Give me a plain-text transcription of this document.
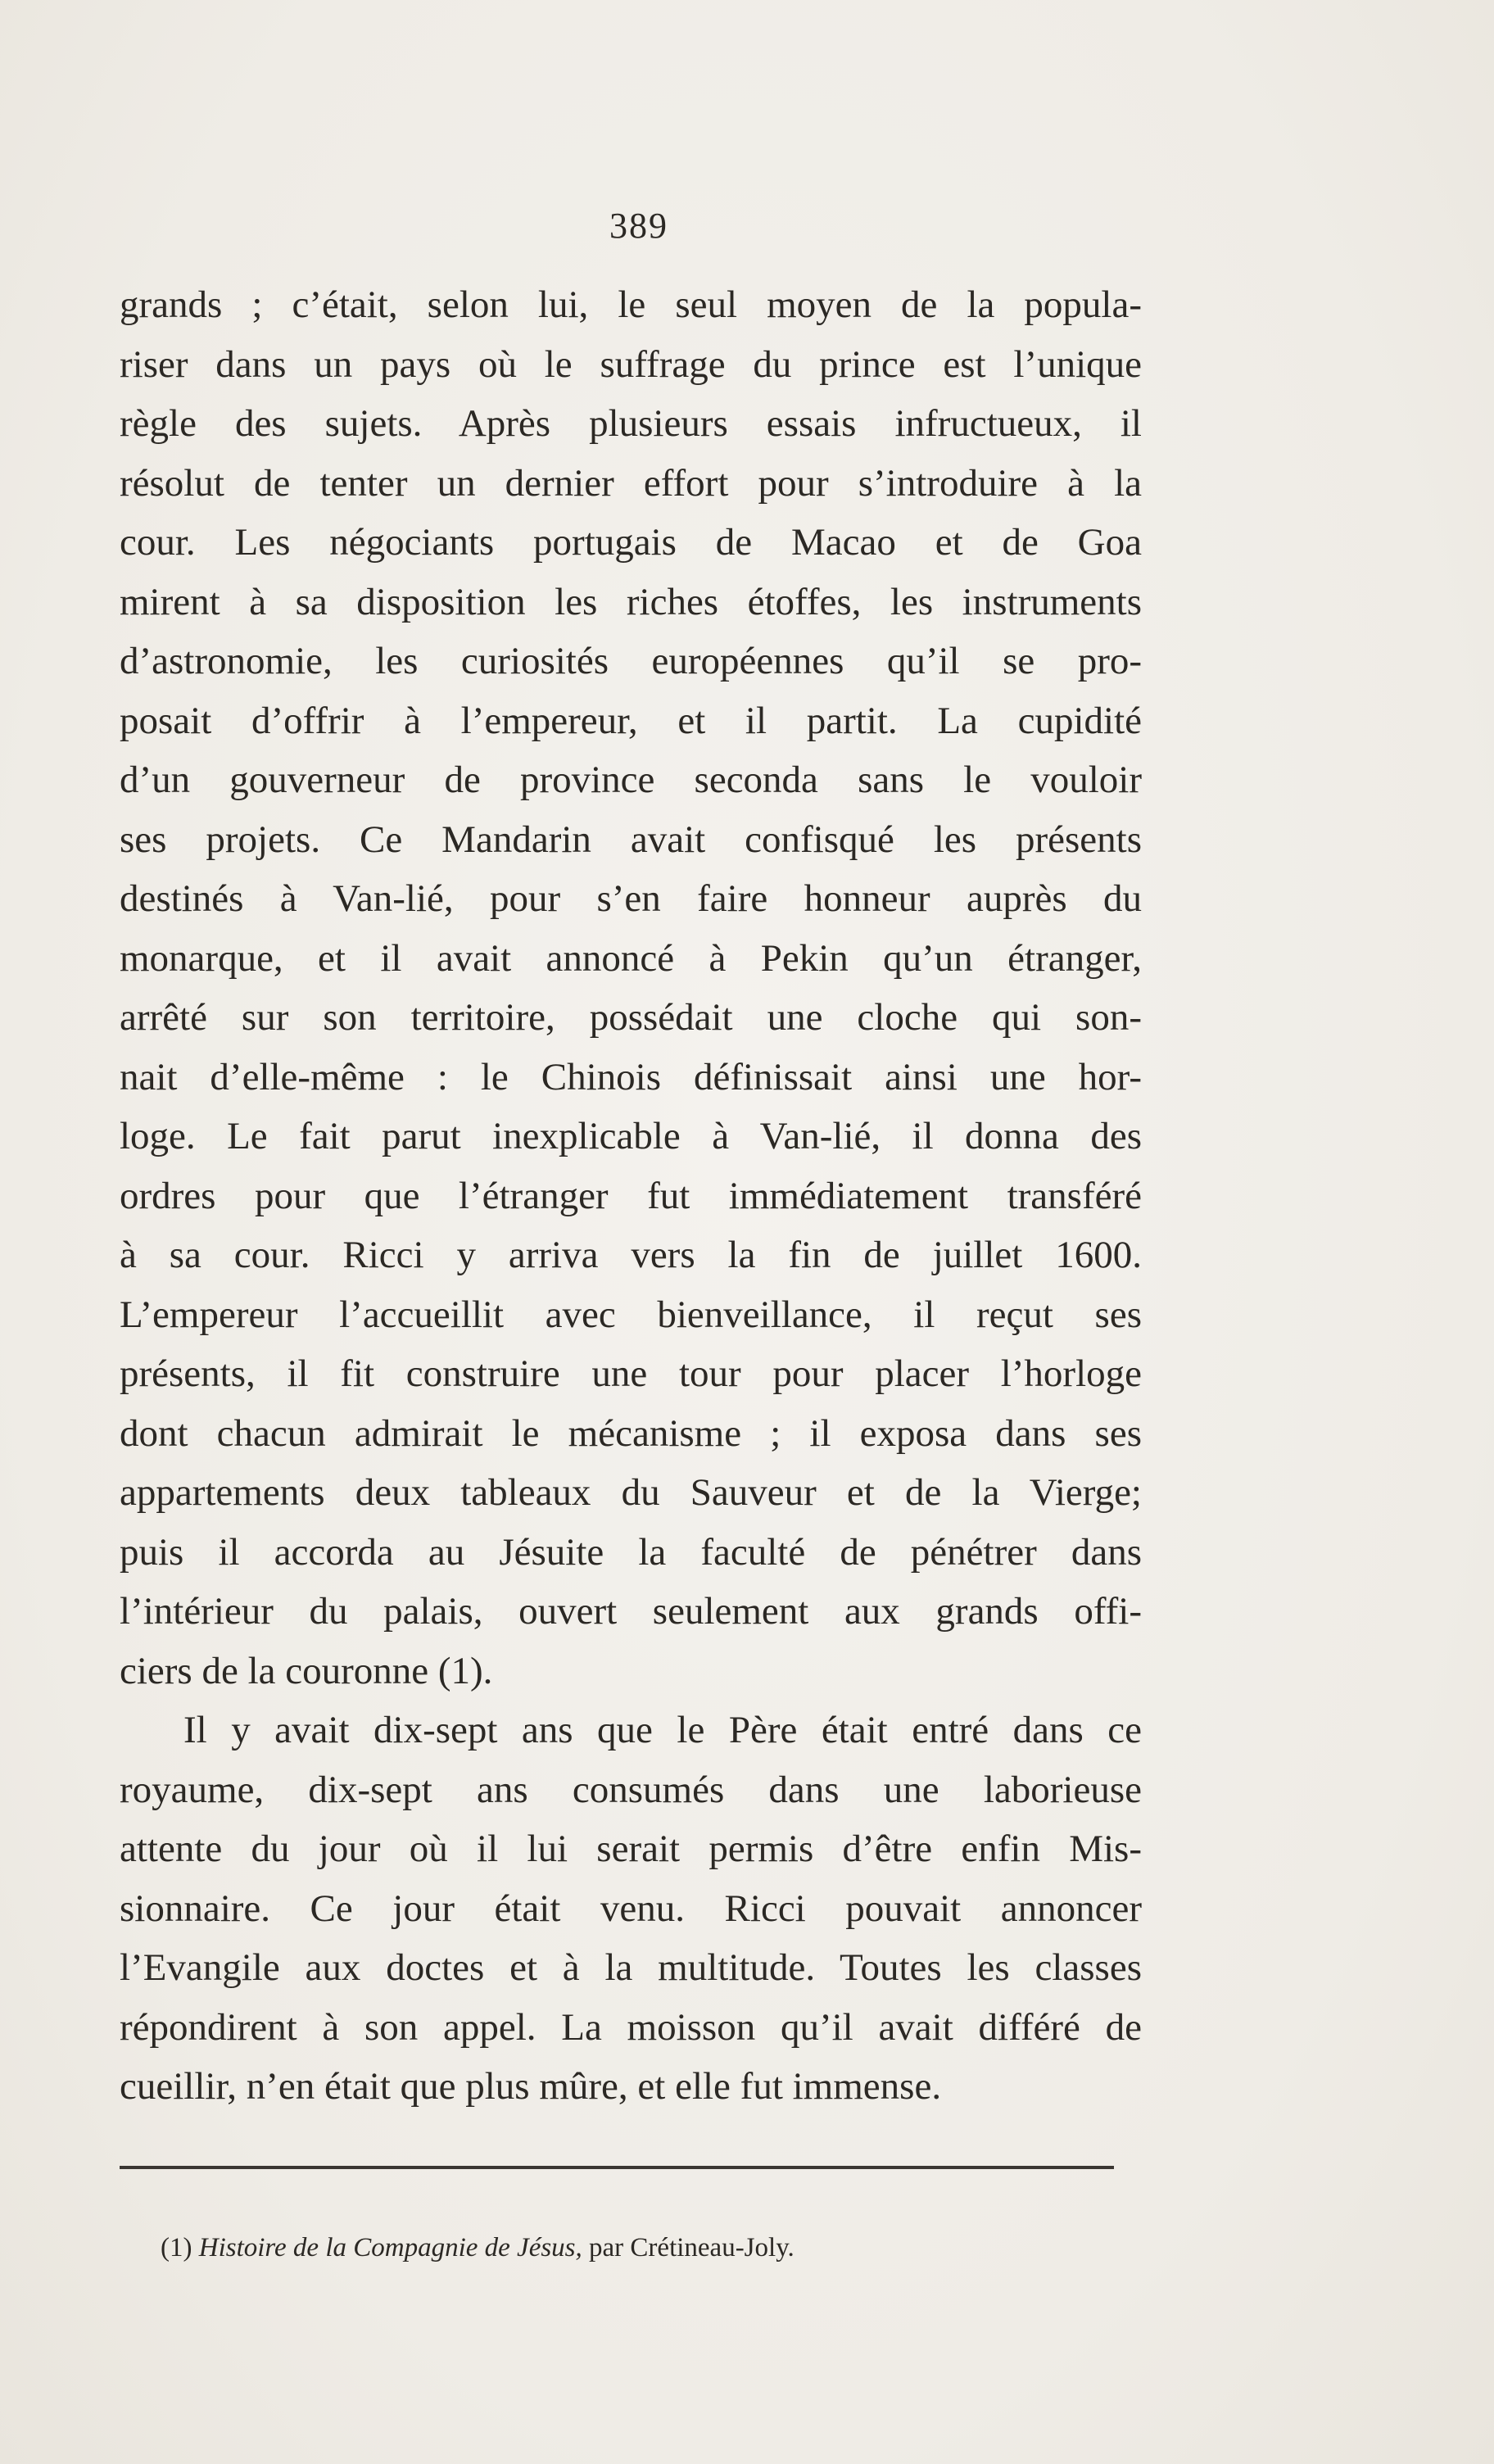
389
grands ; c’était, selon lui, le seul moyen de la popula-
riser dans un pays où le suffrage du prince est l’unique
règle des sujets. Après plusieurs essais infructueux, il
résolut de tenter un dernier effort pour s’introduire à la
cour. Les négociants portugais de Macao et de Goa
mirent à sa disposition les riches étoffes, les instruments
d’astronomie, les curiosités européennes qu’il se pro-
posait d’offrir à l’empereur, et il partit. La cupidité
d’un gouverneur de province seconda sans le vouloir
ses projets. Ce Mandarin avait confisqué les présents
destinés à Van-lié, pour s’en faire honneur auprès du
monarque, et il avait annoncé à Pekin qu’un étranger,
arrêté sur son territoire, possédait une cloche qui son-
nait d’elle-même : le Chinois définissait ainsi une hor-
loge. Le fait parut inexplicable à Van-lié, il donna des
ordres pour que l’étranger fut immédiatement transféré
à sa cour. Ricci y arriva vers la fin de juillet 1600.
L’empereur l’accueillit avec bienveillance, il reçut ses
présents, il fit construire une tour pour placer l’horloge
dont chacun admirait le mécanisme ; il exposa dans ses
appartements deux tableaux du Sauveur et de la Vierge;
puis il accorda au Jésuite la faculté de pénétrer dans
l’intérieur du palais, ouvert seulement aux grands offi-
ciers de la couronne (1).
Il y avait dix-sept ans que le Père était entré dans ce
royaume, dix-sept ans consumés dans une laborieuse
attente du jour où il lui serait permis d’être enfin Mis-
sionnaire. Ce jour était venu. Ricci pouvait annoncer
l’Evangile aux doctes et à la multitude. Toutes les classes
répondirent à son appel. La moisson qu’il avait différé de
cueillir, n’en était que plus mûre, et elle fut immense.
(1) Histoire de la Compagnie de Jésus, par Crétineau-Joly.
